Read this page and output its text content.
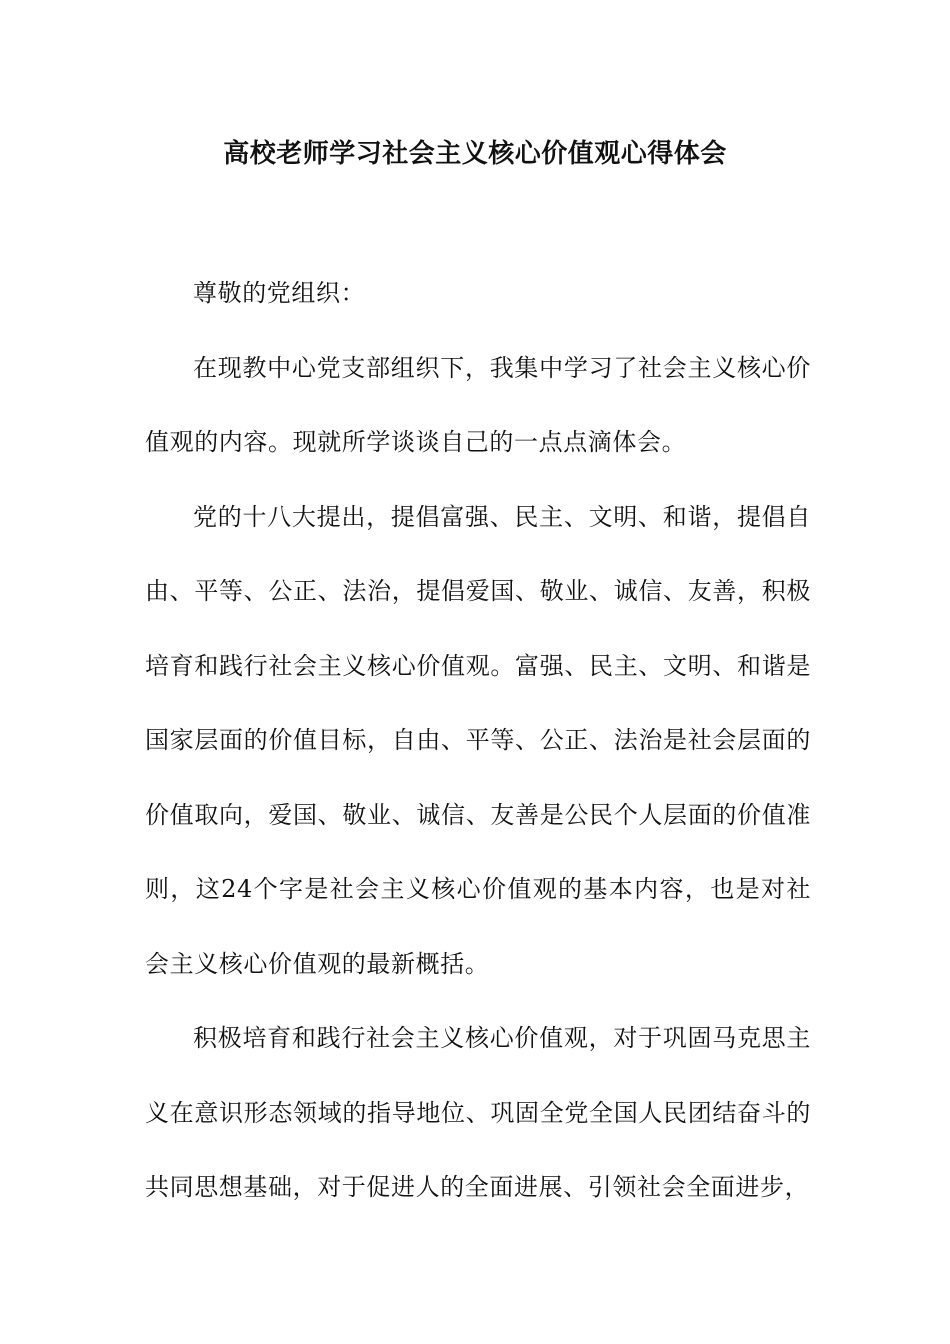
高校老师学习社会主义核心价值观心得体会

尊敬的党组织：

在现教中心党支部组织下，我集中学习了社会主义核心价值观的内容。现就所学谈谈自己的一点点滴体会。

党的十八大提出，提倡富强、民主、文明、和谐，提倡自由、平等、公正、法治，提倡爱国、敬业、诚信、友善，积极培育和践行社会主义核心价值观。富强、民主、文明、和谐是国家层面的价值目标，自由、平等、公正、法治是社会层面的价值取向，爱国、敬业、诚信、友善是公民个人层面的价值准则，这24个字是社会主义核心价值观的基本内容，也是对社会主义核心价值观的最新概括。

积极培育和践行社会主义核心价值观，对于巩固马克思主义在意识形态领域的指导地位、巩固全党全国人民团结奋斗的共同思想基础，对于促进人的全面进展、引领社会全面进步，
